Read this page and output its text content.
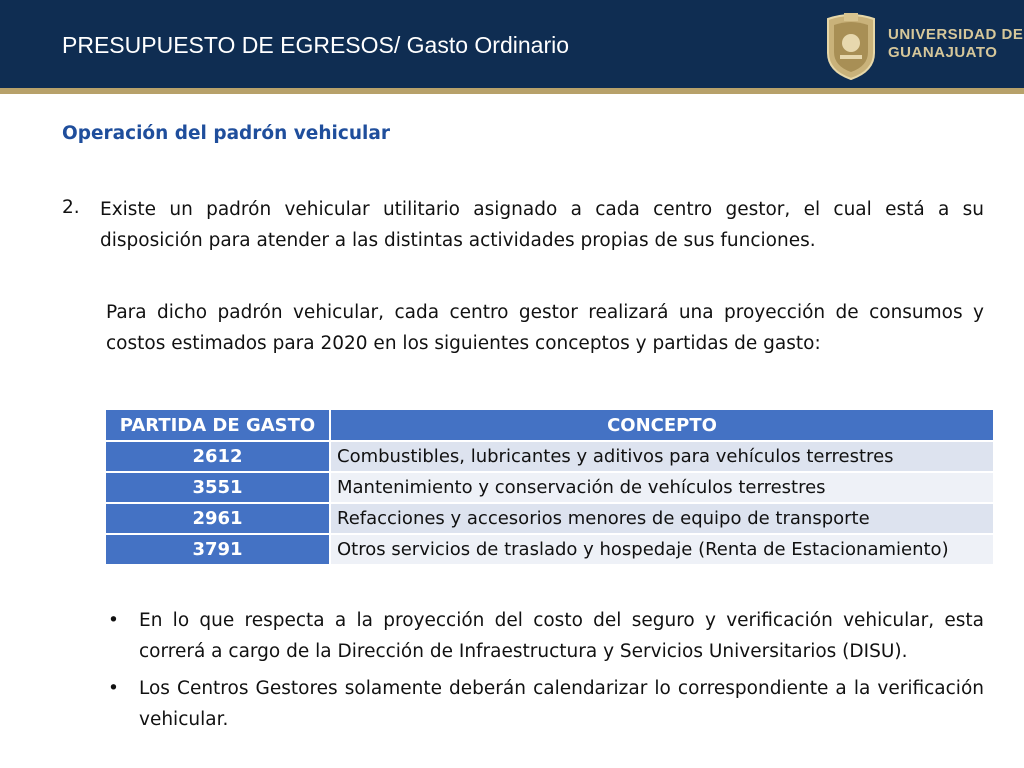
PRESUPUESTO DE EGRESOS/ Gasto Ordinario	UNIVERSIDAD DE
GUANAJUATO
Operación del padrón vehicular
2. Existe un padrón vehicular utilitario asignado a cada centro gestor, el cual está a su disposición para atender a las distintas actividades propias de sus funciones.

Para dicho padrón vehicular, cada centro gestor realizará una proyección de consumos y costos estimados para 2020 en los siguientes conceptos y partidas de gasto:

PARTIDA DE GASTO	CONCEPTO
2612	Combustibles, lubricantes y aditivos para vehículos terrestres
3551	Mantenimiento y conservación de vehículos terrestres
2961	Refacciones y accesorios menores de equipo de transporte
3791	Otros servicios de traslado y hospedaje (Renta de Estacionamiento)
• En lo que respecta a la proyección del costo del seguro y verificación vehicular, esta correrá a cargo de la Dirección de Infraestructura y Servicios Universitarios (DISU).
• Los Centros Gestores solamente deberán calendarizar lo correspondiente a la verificación vehicular.
